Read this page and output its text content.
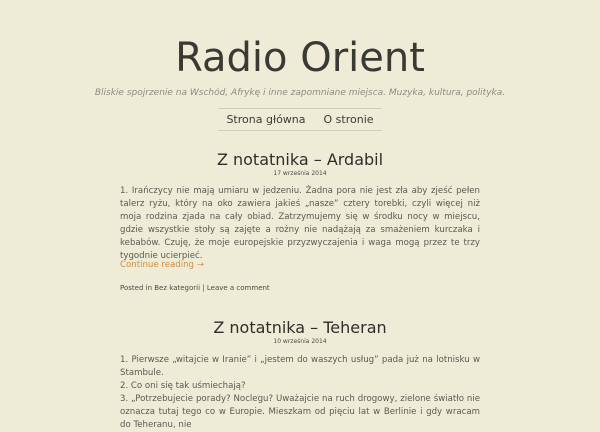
Radio Orient
Bliskie spojrzenie na Wschód, Afrykę i inne zapomniane miejsca. Muzyka, kultura, polityka.
Strona główna O stronie
Z notatnika – Ardabil
17 września 2014

1. Irańczycy nie mają umiaru w jedzeniu. Żadna pora nie jest zła aby zjeść pełen talerz ryżu, który na oko zawiera jakieś „nasze” cztery torebki, czyli więcej niż moja rodzina zjada na cały obiad. Zatrzymujemy się w środku nocy w miejscu, gdzie wszystkie stoły są zajęte a rożny nie nadążają za smażeniem kurczaka i kebabów. Czuję, że moje europejskie przyzwyczajenia i waga mogą przez te trzy tygodnie ucierpieć.

Continue reading →
Posted in Bez kategorii | Leave a comment
Z notatnika – Teheran
10 września 2014
1. Pierwsze „witajcie w Iranie” i „jestem do waszych usług” pada już na lotnisku w Stambule.
2. Co oni się tak uśmiechają?
3. „Potrzebujecie porady? Noclegu? Uważajcie na ruch drogowy, zielone światło nie oznacza tutaj tego co w Europie. Mieszkam od pięciu lat w Berlinie i gdy wracam do Teheranu, nie
